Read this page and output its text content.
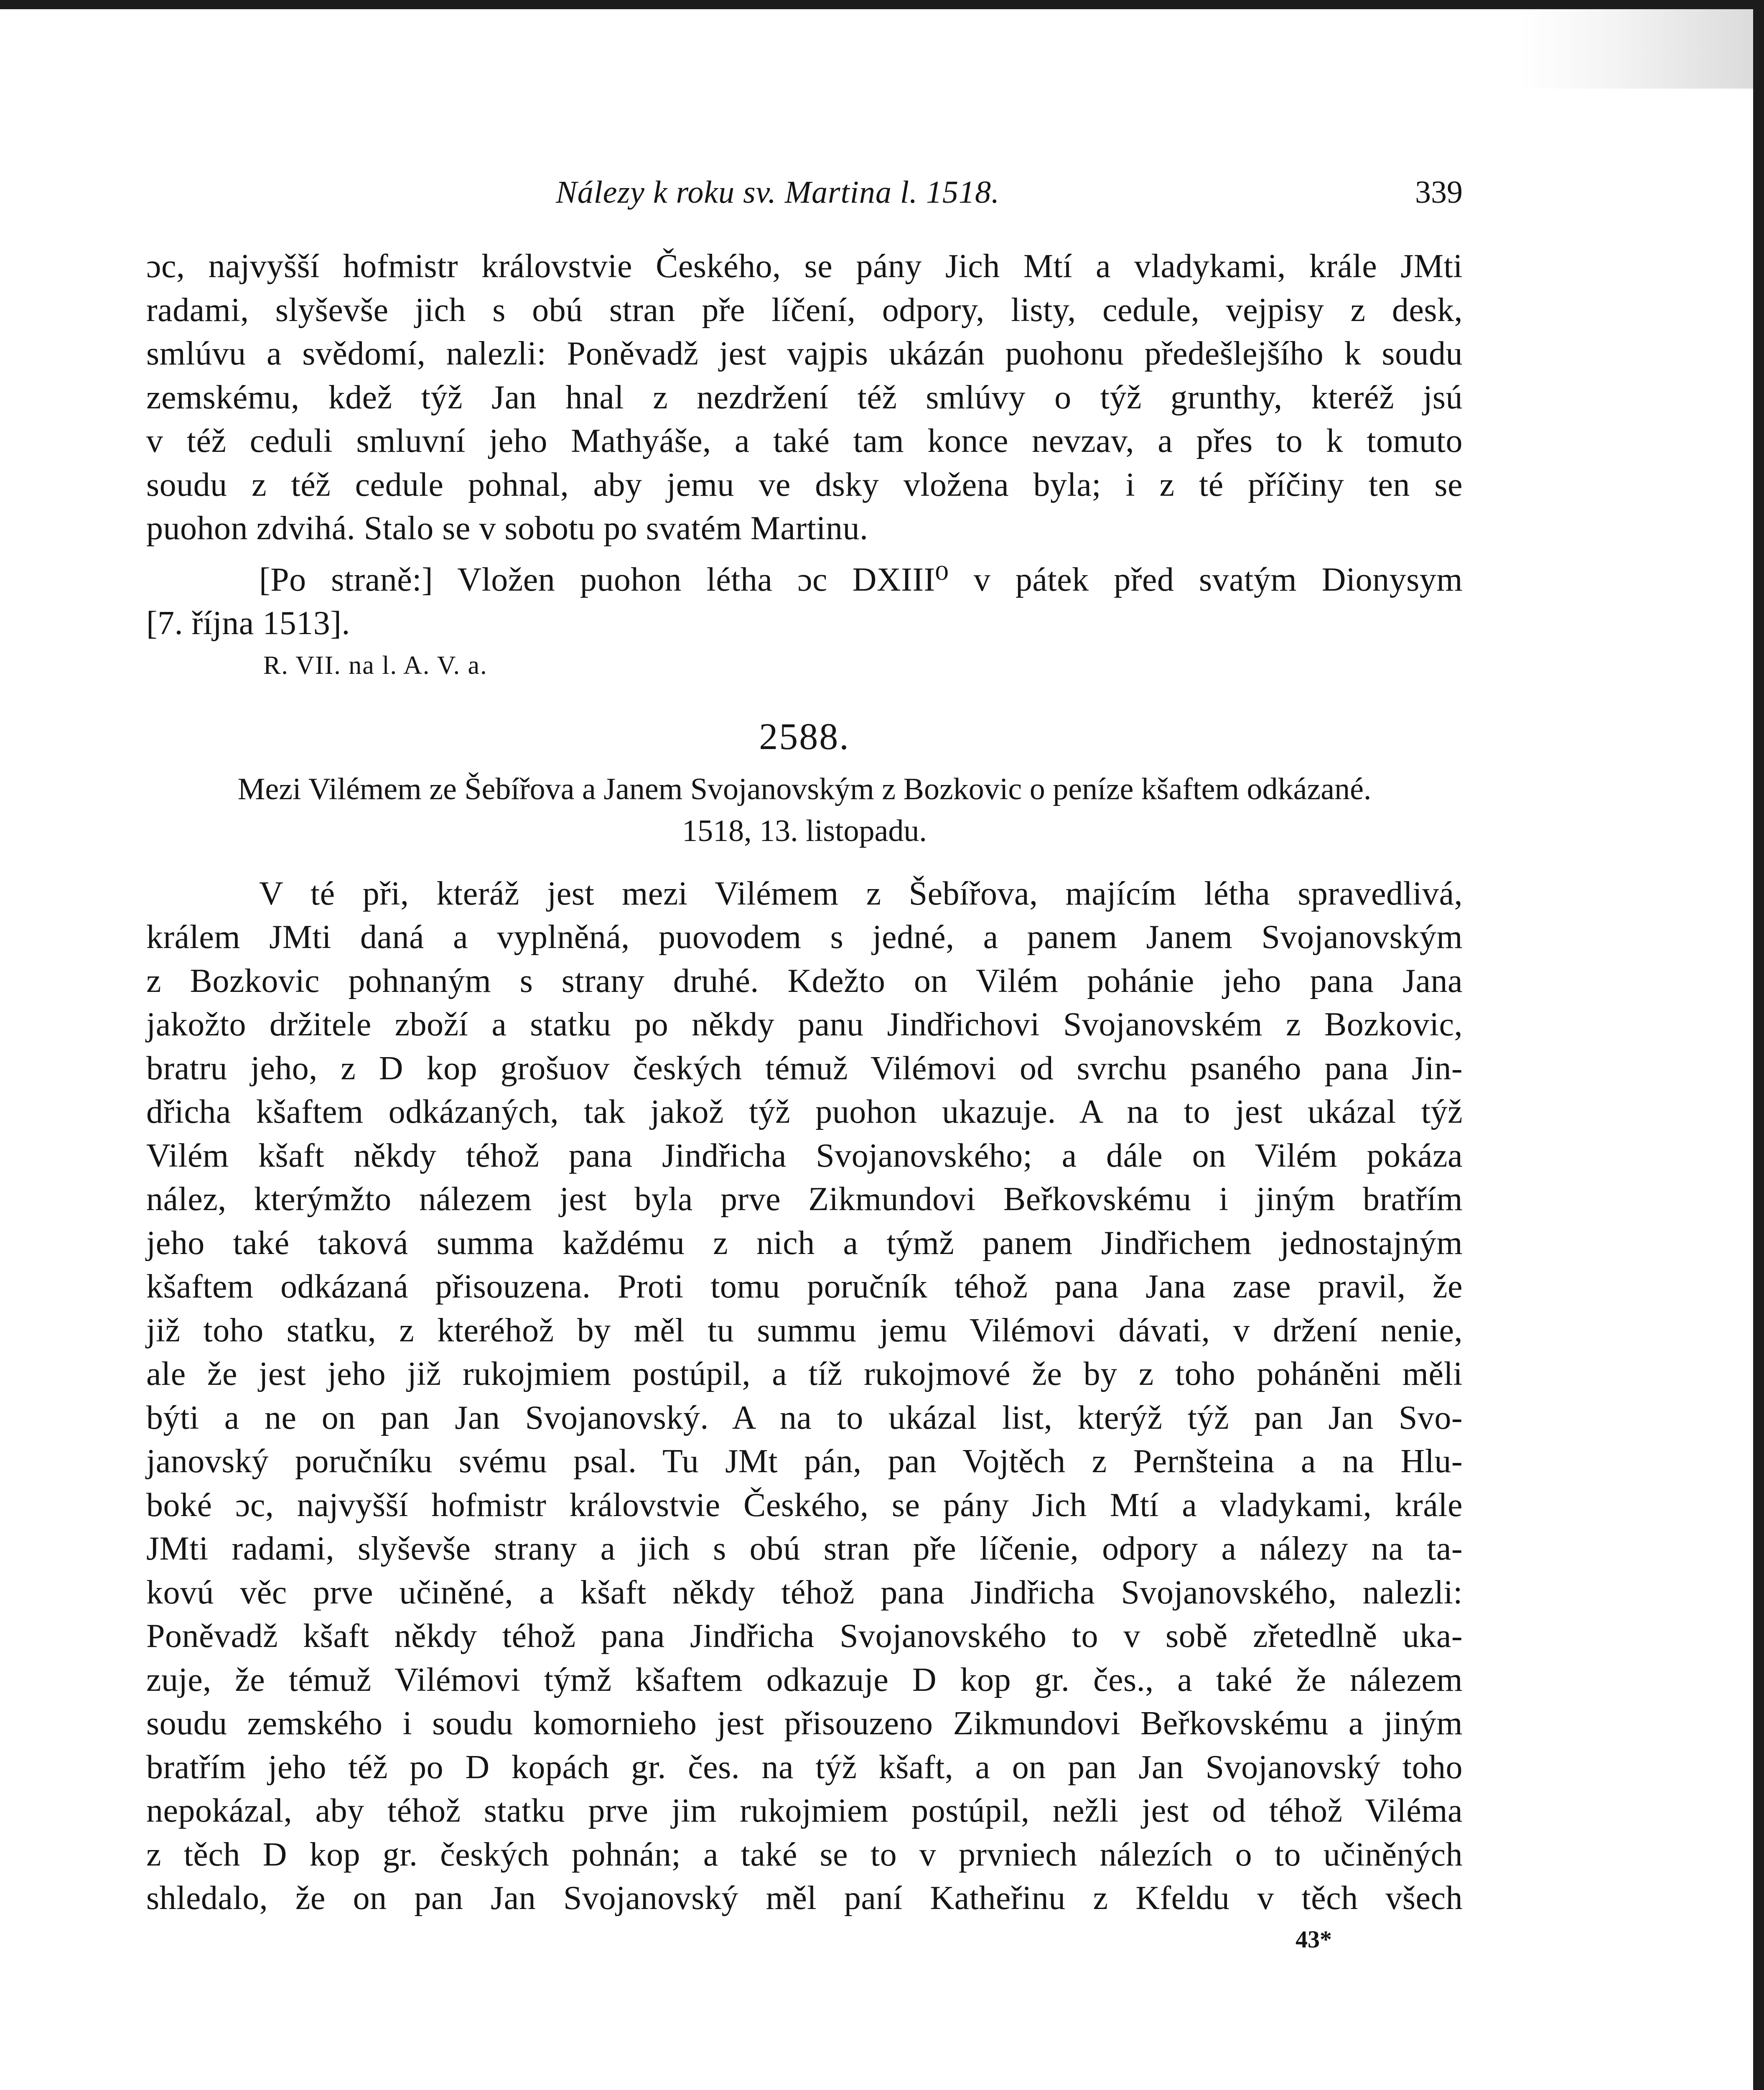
Nálezy k roku sv. Martina l. 1518.	339
ɔc, najvyšší hofmistr královstvie Českého, se pány Jich Mtí a vladykami, krále JMti
radami, slyševše jich s obú stran pře líčení, odpory, listy, cedule, vejpisy z desk,
smlúvu a svědomí, nalezli: Poněvadž jest vajpis ukázán puohonu předešlejšího k soudu
zemskému, kdež týž Jan hnal z nezdržení též smlúvy o týž grunthy, kteréž jsú
v též ceduli smluvní jeho Mathyáše, a také tam konce nevzav, a přes to k tomuto
soudu z též cedule pohnal, aby jemu ve dsky vložena byla; i z té příčiny ten se
puohon zdvihá. Stalo se v sobotu po svatém Martinu.
[Po straně:] Vložen puohon létha ɔc DXIII⁰ v pátek před svatým Dionysym
[7. října 1513].
R. VII. na l. A. V. a.
2588.
Mezi Vilémem ze Šebířova a Janem Svojanovským z Bozkovic o peníze kšaftem odkázané.
1518, 13. listopadu.
V té při, kteráž jest mezi Vilémem z Šebířova, majícím létha spravedlivá,
králem JMti daná a vyplněná, puovodem s jedné, a panem Janem Svojanovským
z Bozkovic pohnaným s strany druhé. Kdežto on Vilém pohánie jeho pana Jana
jakožto držitele zboží a statku po někdy panu Jindřichovi Svojanovském z Bozkovic,
bratru jeho, z D kop grošuov českých témuž Vilémovi od svrchu psaného pana Jin-
dřicha kšaftem odkázaných, tak jakož týž puohon ukazuje. A na to jest ukázal týž
Vilém kšaft někdy téhož pana Jindřicha Svojanovského; a dále on Vilém pokáza
nález, kterýmžto nálezem jest byla prve Zikmundovi Beřkovskému i jiným bratřím
jeho také taková summa každému z nich a týmž panem Jindřichem jednostajným
kšaftem odkázaná přisouzena. Proti tomu poručník téhož pana Jana zase pravil, že
již toho statku, z kteréhož by měl tu summu jemu Vilémovi dávati, v držení nenie,
ale že jest jeho již rukojmiem postúpil, a tíž rukojmové že by z toho poháněni měli
býti a ne on pan Jan Svojanovský. A na to ukázal list, kterýž týž pan Jan Svo-
janovský poručníku svému psal. Tu JMt pán, pan Vojtěch z Pernšteina a na Hlu-
boké ɔc, najvyšší hofmistr královstvie Českého, se pány Jich Mtí a vladykami, krále
JMti radami, slyševše strany a jich s obú stran pře líčenie, odpory a nálezy na ta-
kovú věc prve učiněné, a kšaft někdy téhož pana Jindřicha Svojanovského, nalezli:
Poněvadž kšaft někdy téhož pana Jindřicha Svojanovského to v sobě zřetedlně uka-
zuje, že témuž Vilémovi týmž kšaftem odkazuje D kop gr. čes., a také že nálezem
soudu zemského i soudu komornieho jest přisouzeno Zikmundovi Beřkovskému a jiným
bratřím jeho též po D kopách gr. čes. na týž kšaft, a on pan Jan Svojanovský toho
nepokázal, aby téhož statku prve jim rukojmiem postúpil, nežli jest od téhož Viléma
z těch D kop gr. českých pohnán; a také se to v prvniech nálezích o to učiněných
shledalo, že on pan Jan Svojanovský měl paní Katheřinu z Kfeldu v těch všech
43*
